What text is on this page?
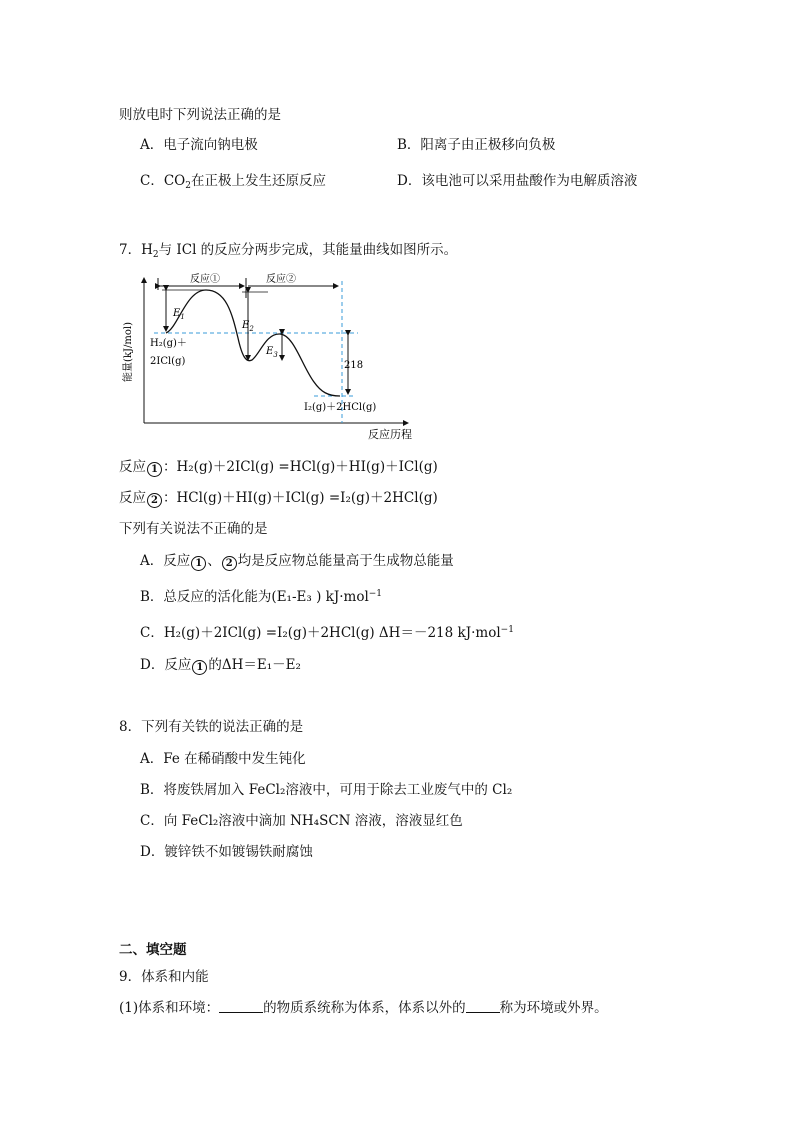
则放电时下列说法正确的是
A．电子流向钠电极	B．阳离子由正极移向负极
C．$CO_2$在正极上发生还原反应	D．该电池可以采用盐酸作为电解质溶液
7．$H_2$与 ICl 的反应分两步完成，其能量曲线如图所示。
能量(kJ/mol)
反应历程
反应①	反应②
$E_1$
$E_2$
$E_3$
218
H₂(g)＋
2ICl(g)
I₂(g)＋2HCl(g)
反应 1 ：H₂(g)＋2ICl(g) =HCl(g)＋HI(g)＋ICl(g)
反应 2 ：HCl(g)＋HI(g)＋ICl(g) =I₂(g)＋2HCl(g)
下列有关说法不正确的是
A．反应 1 、 2 均是反应物总能量高于生成物总能量
B．总反应的活化能为(E₁-E₃ ) kJ·mol$^{-1}$
C．H₂(g)＋2ICl(g) =I₂(g)＋2HCl(g) ΔH＝－218 kJ·mol$^{-1}$
D．反应 1 的ΔH＝E₁－E₂
8．下列有关铁的说法正确的是
A．Fe 在稀硝酸中发生钝化
B．将废铁屑加入 FeCl₂溶液中，可用于除去工业废气中的 Cl₂
C．向 FeCl₂溶液中滴加 NH₄SCN 溶液，溶液显红色
D．镀锌铁不如镀锡铁耐腐蚀
二、填空题
9．体系和内能
(1)体系和环境：	的物质系统称为体系，体系以外的	称为环境或外界。
